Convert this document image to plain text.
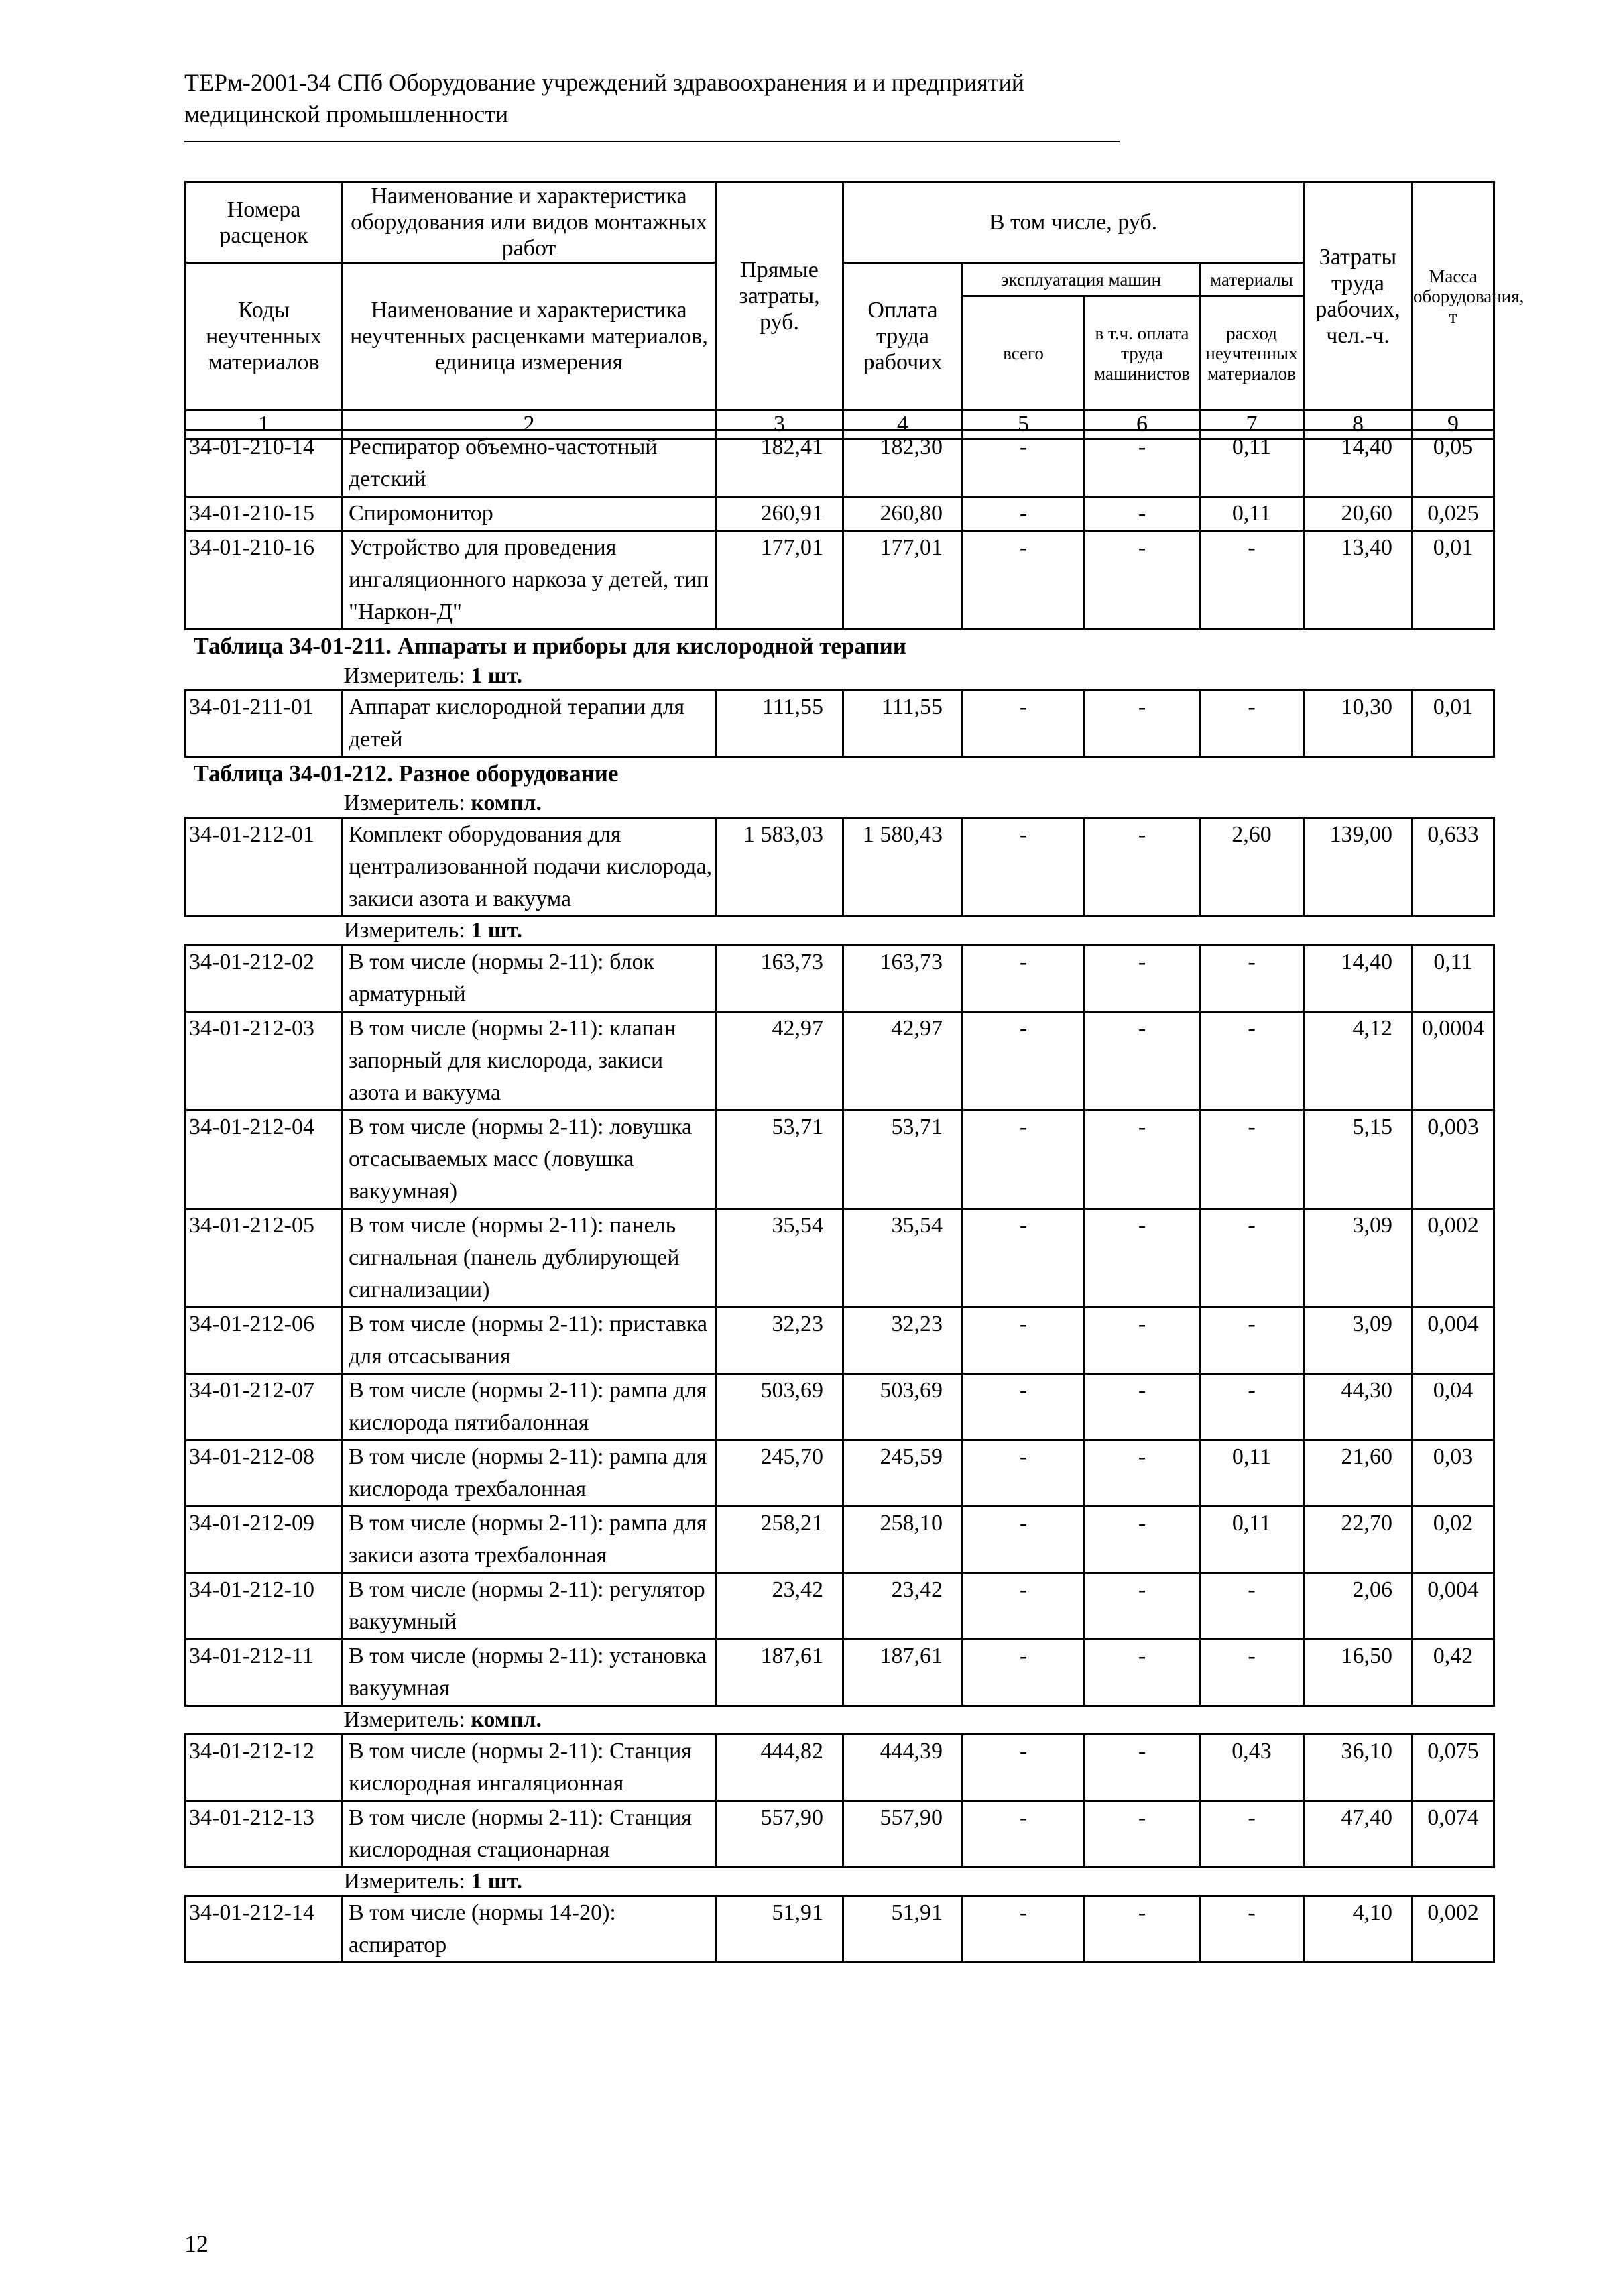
ТЕРм-2001-34 СПб Оборудование учреждений здравоохранения и и предприятий медицинской промышленности
Номера расценок	Наименование и характеристика оборудования или видов монтажных работ	Прямые затраты, руб.	В том числе, руб.				Затраты труда рабочих, чел.-ч.	Масса оборудования, т
Коды неучтенных материалов	Наименование и характеристика неучтенных расценками материалов, единица измерения		Оплата труда рабочих	эксплуатация машин		материалы		
				всего	в т.ч. оплата труда машинистов	расход неучтенных материалов		
1	2	3	4	5	6	7	8	9
34-01-210-14	Респиратор объемно-частотный детский	182,41	182,30	-	-	0,11	14,40	0,05
34-01-210-15	Спиромонитор	260,91	260,80	-	-	0,11	20,60	0,025
34-01-210-16	Устройство для проведения ингаляционного наркоза у детей, тип "Наркон-Д"	177,01	177,01	-	-	-	13,40	0,01

Таблица 34-01-211. Аппараты и приборы для кислородной терапии
Измеритель: 1 шт.								

34-01-211-01	Аппарат кислородной терапии для детей	111,55	111,55	-	-	-	10,30	0,01

Таблица 34-01-212. Разное оборудование
Измеритель: компл.								

34-01-212-01	Комплект оборудования для централизованной подачи кислорода, закиси азота и вакуума	1 583,03	1 580,43	-	-	2,60	139,00	0,633

Измеритель: 1 шт.								

34-01-212-02	В том числе (нормы 2-11): блок арматурный	163,73	163,73	-	-	-	14,40	0,11
34-01-212-03	В том числе (нормы 2-11): клапан запорный для кислорода, закиси азота и вакуума	42,97	42,97	-	-	-	4,12	0,0004
34-01-212-04	В том числе (нормы 2-11): ловушка отсасываемых масс (ловушка вакуумная)	53,71	53,71	-	-	-	5,15	0,003
34-01-212-05	В том числе (нормы 2-11): панель сигнальная (панель дублирующей сигнализации)	35,54	35,54	-	-	-	3,09	0,002
34-01-212-06	В том числе (нормы 2-11): приставка для отсасывания	32,23	32,23	-	-	-	3,09	0,004
34-01-212-07	В том числе (нормы 2-11): рампа для кислорода пятибалонная	503,69	503,69	-	-	-	44,30	0,04
34-01-212-08	В том числе (нормы 2-11): рампа для кислорода трехбалонная	245,70	245,59	-	-	0,11	21,60	0,03
34-01-212-09	В том числе (нормы 2-11): рампа для закиси азота трехбалонная	258,21	258,10	-	-	0,11	22,70	0,02
34-01-212-10	В том числе (нормы 2-11): регулятор вакуумный	23,42	23,42	-	-	-	2,06	0,004
34-01-212-11	В том числе (нормы 2-11): установка вакуумная	187,61	187,61	-	-	-	16,50	0,42

Измеритель: компл.								

34-01-212-12	В том числе (нормы 2-11): Станция кислородная ингаляционная	444,82	444,39	-	-	0,43	36,10	0,075
34-01-212-13	В том числе (нормы 2-11): Станция кислородная стационарная	557,90	557,90	-	-	-	47,40	0,074

Измеритель: 1 шт.								

34-01-212-14	В том числе (нормы 14-20): аспиратор	51,91	51,91	-	-	-	4,10	0,002
12
